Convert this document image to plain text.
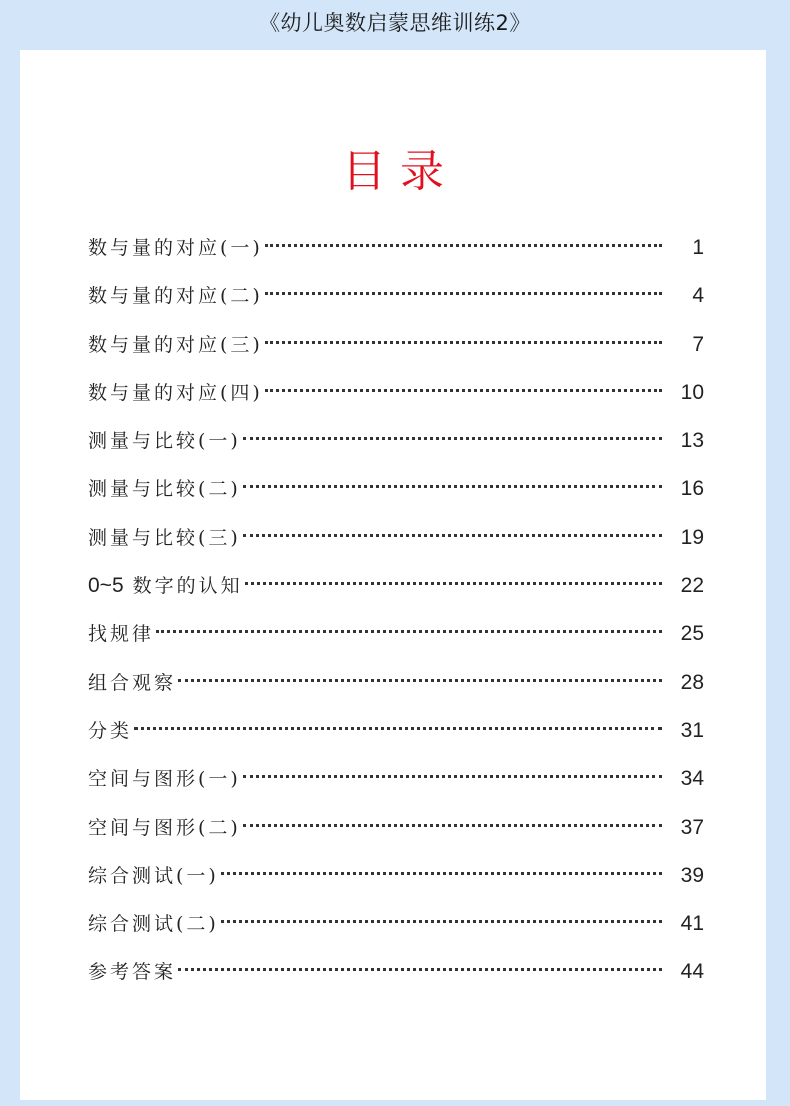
《幼儿奥数启蒙思维训练2》
目录
数与量的对应(一)	1
数与量的对应(二)	4
数与量的对应(三)	7
数与量的对应(四)	10
测量与比较(一)	13
测量与比较(二)	16
测量与比较(三)	19
0~5 数字的认知	22
找规律	25
组合观察	28
分类	31
空间与图形(一)	34
空间与图形(二)	37
综合测试(一)	39
综合测试(二)	41
参考答案	44
